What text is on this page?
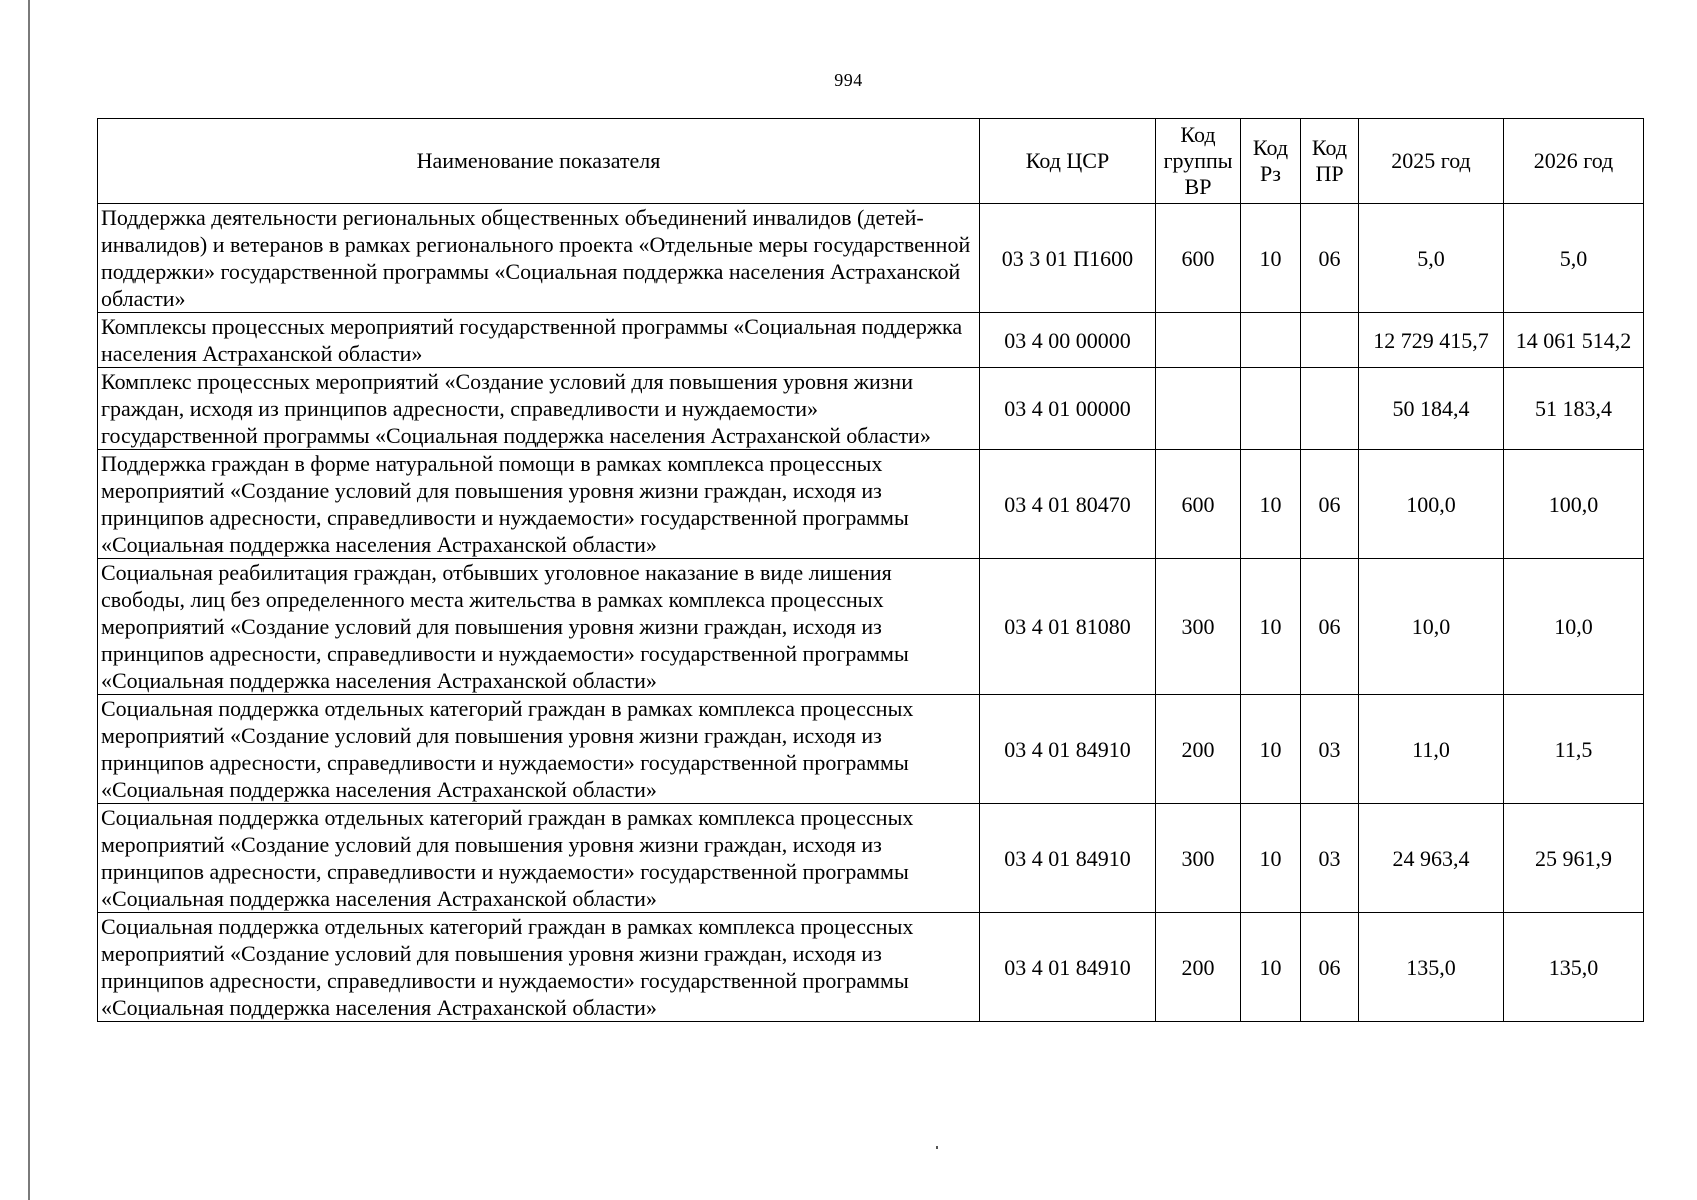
994
Наименование показателя	Код ЦСР	Код группы ВР	Код Рз	Код ПР	2025 год	2026 год
Поддержка деятельности региональных общественных объединений инвалидов (детей-инвалидов) и ветеранов в рамках регионального проекта «Отдельные меры государственной поддержки» государственной программы «Социальная поддержка населения Астраханской области»	03 3 01 П1600	600	10	06	5,0	5,0
Комплексы процессных мероприятий государственной программы «Социальная поддержка населения Астраханской области»	03 4 00 00000				12 729 415,7	14 061 514,2
Комплекс процессных мероприятий «Создание условий для повышения уровня жизни граждан, исходя из принципов адресности, справедливости и нуждаемости» государственной программы «Социальная поддержка населения Астраханской области»	03 4 01 00000				50 184,4	51 183,4
Поддержка граждан в форме натуральной помощи в рамках комплекса процессных мероприятий «Создание условий для повышения уровня жизни граждан, исходя из принципов адресности, справедливости и нуждаемости» государственной программы «Социальная поддержка населения Астраханской области»	03 4 01 80470	600	10	06	100,0	100,0
Социальная реабилитация граждан, отбывших уголовное наказание в виде лишения свободы, лиц без определенного места жительства в рамках комплекса процессных мероприятий «Создание условий для повышения уровня жизни граждан, исходя из принципов адресности, справедливости и нуждаемости» государственной программы «Социальная поддержка населения Астраханской области»	03 4 01 81080	300	10	06	10,0	10,0
Социальная поддержка отдельных категорий граждан в рамках комплекса процессных мероприятий «Создание условий для повышения уровня жизни граждан, исходя из принципов адресности, справедливости и нуждаемости» государственной программы «Социальная поддержка населения Астраханской области»	03 4 01 84910	200	10	03	11,0	11,5
Социальная поддержка отдельных категорий граждан в рамках комплекса процессных мероприятий «Создание условий для повышения уровня жизни граждан, исходя из принципов адресности, справедливости и нуждаемости» государственной программы «Социальная поддержка населения Астраханской области»	03 4 01 84910	300	10	03	24 963,4	25 961,9
Социальная поддержка отдельных категорий граждан в рамках комплекса процессных мероприятий «Создание условий для повышения уровня жизни граждан, исходя из принципов адресности, справедливости и нуждаемости» государственной программы «Социальная поддержка населения Астраханской области»	03 4 01 84910	200	10	06	135,0	135,0
